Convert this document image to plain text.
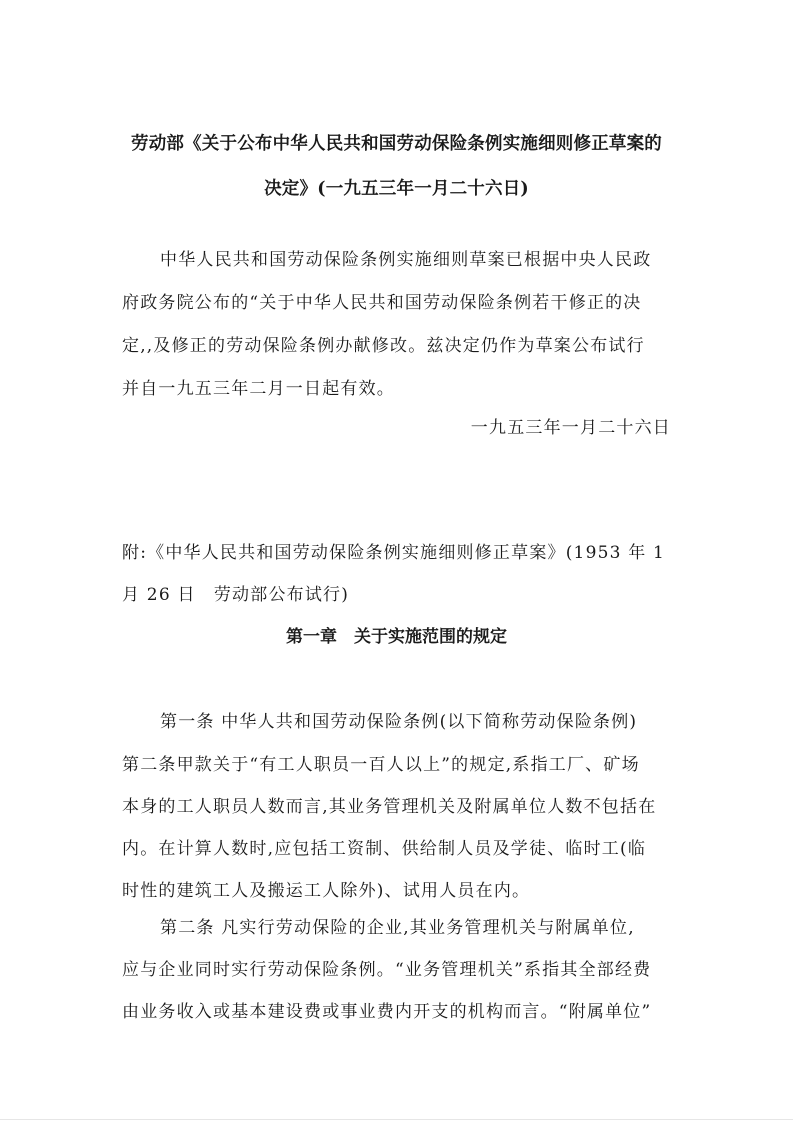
劳动部《关于公布中华人民共和国劳动保险条例实施细则修正草案的
决定》(一九五三年一月二十六日)
中华人民共和国劳动保险条例实施细则草案已根据中央人民政
府政务院公布的“关于中华人民共和国劳动保险条例若干修正的决
定,,及修正的劳动保险条例办献修改。兹决定仍作为草案公布试行
并自一九五三年二月一日起有效。
一九五三年一月二十六日
附:《中华人民共和国劳动保险条例实施细则修正草案》(1953 年 1
月 26 日　劳动部公布试行)
第一章　关于实施范围的规定
第一条 中华人共和国劳动保险条例(以下简称劳动保险条例)
第二条甲款关于“有工人职员一百人以上”的规定,系指工厂、矿场
本身的工人职员人数而言,其业务管理机关及附属单位人数不包括在
内。在计算人数时,应包括工资制、供给制人员及学徒、临时工(临
时性的建筑工人及搬运工人除外)、试用人员在内。
第二条 凡实行劳动保险的企业,其业务管理机关与附属单位,
应与企业同时实行劳动保险条例。“业务管理机关”系指其全部经费
由业务收入或基本建设费或事业费内开支的机构而言。“附属单位”
